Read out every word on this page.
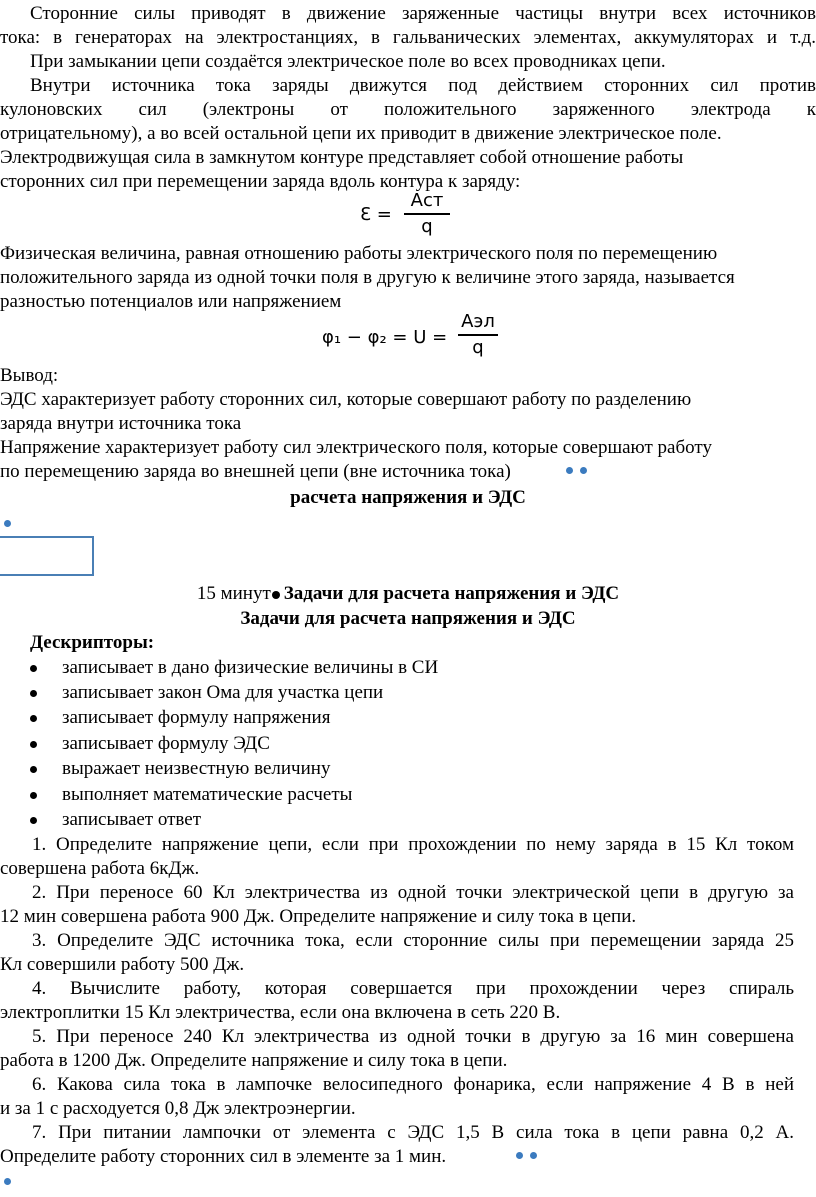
Сторонние силы приводят в движение заряженные частицы внутри всех источников
тока: в генераторах на электростанциях, в гальванических элементах, аккумуляторах и т.д.
При замыкании цепи создаётся электрическое поле во всех проводниках цепи.
Внутри источника тока заряды движутся под действием сторонних сил против
кулоновских сил (электроны от положительного заряженного электрода к
отрицательному), а во всей остальной цепи их приводит в движение электрическое поле.
Электродвижущая сила в замкнутом контуре представляет собой отношение работы
сторонних сил при перемещении заряда вдоль контура к заряду:
Ɛ =
Аст
q
Физическая величина, равная отношению работы электрического поля по перемещению
положительного заряда из одной точки поля в другую к величине этого заряда, называется
разностью потенциалов или напряжением
φ₁ − φ₂ = U =
Аэл
q
Вывод:
ЭДС характеризует работу сторонних сил, которые совершают работу по разделению
заряда внутри источника тока
Напряжение характеризует работу сил электрического поля, которые совершают работу
по перемещению заряда во внешней цепи (вне источника тока)
расчета напряжения и ЭДС
15 минут Задачи для расчета напряжения и ЭДС
Задачи для расчета напряжения и ЭДС
Дескрипторы:
записывает в дано физические величины в СИ
записывает закон Ома для участка цепи
записывает формулу напряжения
записывает формулу ЭДС
выражает неизвестную величину
выполняет математические расчеты
записывает ответ
1. Определите напряжение цепи, если при прохождении по нему заряда в 15 Кл током
совершена работа 6кДж.
2. При переносе 60 Кл электричества из одной точки электрической цепи в другую за
12 мин совершена работа 900 Дж. Определите напряжение и силу тока в цепи.
3. Определите ЭДС источника тока, если сторонние силы при перемещении заряда 25
Кл совершили работу 500 Дж.
4. Вычислите работу, которая совершается при прохождении через спираль
электроплитки 15 Кл электричества, если она включена в сеть 220 В.
5. При переносе 240 Кл электричества из одной точки в другую за 16 мин совершена
работа в 1200 Дж. Определите напряжение и силу тока в цепи.
6. Какова сила тока в лампочке велосипедного фонарика, если напряжение 4 В в ней
и за 1 с расходуется 0,8 Дж электроэнергии.
7. При питании лампочки от элемента с ЭДС 1,5 В сила тока в цепи равна 0,2 А.
Определите работу сторонних сил в элементе за 1 мин.
